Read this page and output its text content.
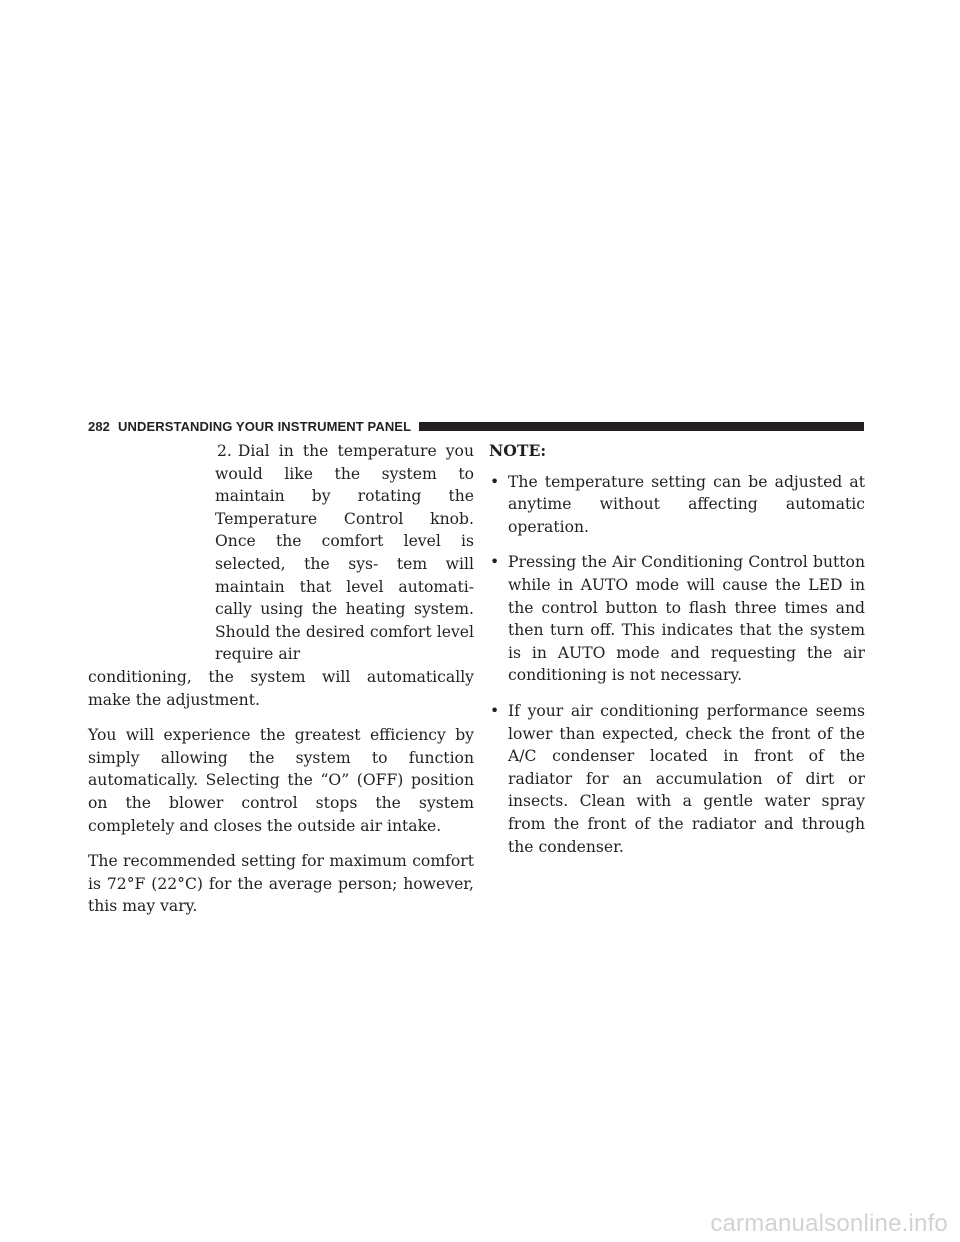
282 UNDERSTANDING YOUR INSTRUMENT PANEL

2. Dial in the temperature you would like the system to maintain by rotating the Temperature Control knob. Once the comfort level is selected, the sys- tem will maintain that level automati- cally using the heating system. Should the desired comfort level require air

conditioning, the system will automatically make the adjustment.

You will experience the greatest efficiency by simply allowing the system to function automatically. Selecting the “O” (OFF) position on the blower control stops the system completely and closes the outside air intake.

The recommended setting for maximum comfort is 72°F (22°C) for the average person; however, this may vary.

NOTE:
• The temperature setting can be adjusted at anytime without affecting automatic operation.
• Pressing the Air Conditioning Control button while in AUTO mode will cause the LED in the control button to flash three times and then turn off. This indicates that the system is in AUTO mode and requesting the air conditioning is not necessary.
• If your air conditioning performance seems lower than expected, check the front of the A/C condenser located in front of the radiator for an accumulation of dirt or insects. Clean with a gentle water spray from the front of the radiator and through the condenser.
carmanualsonline.info
